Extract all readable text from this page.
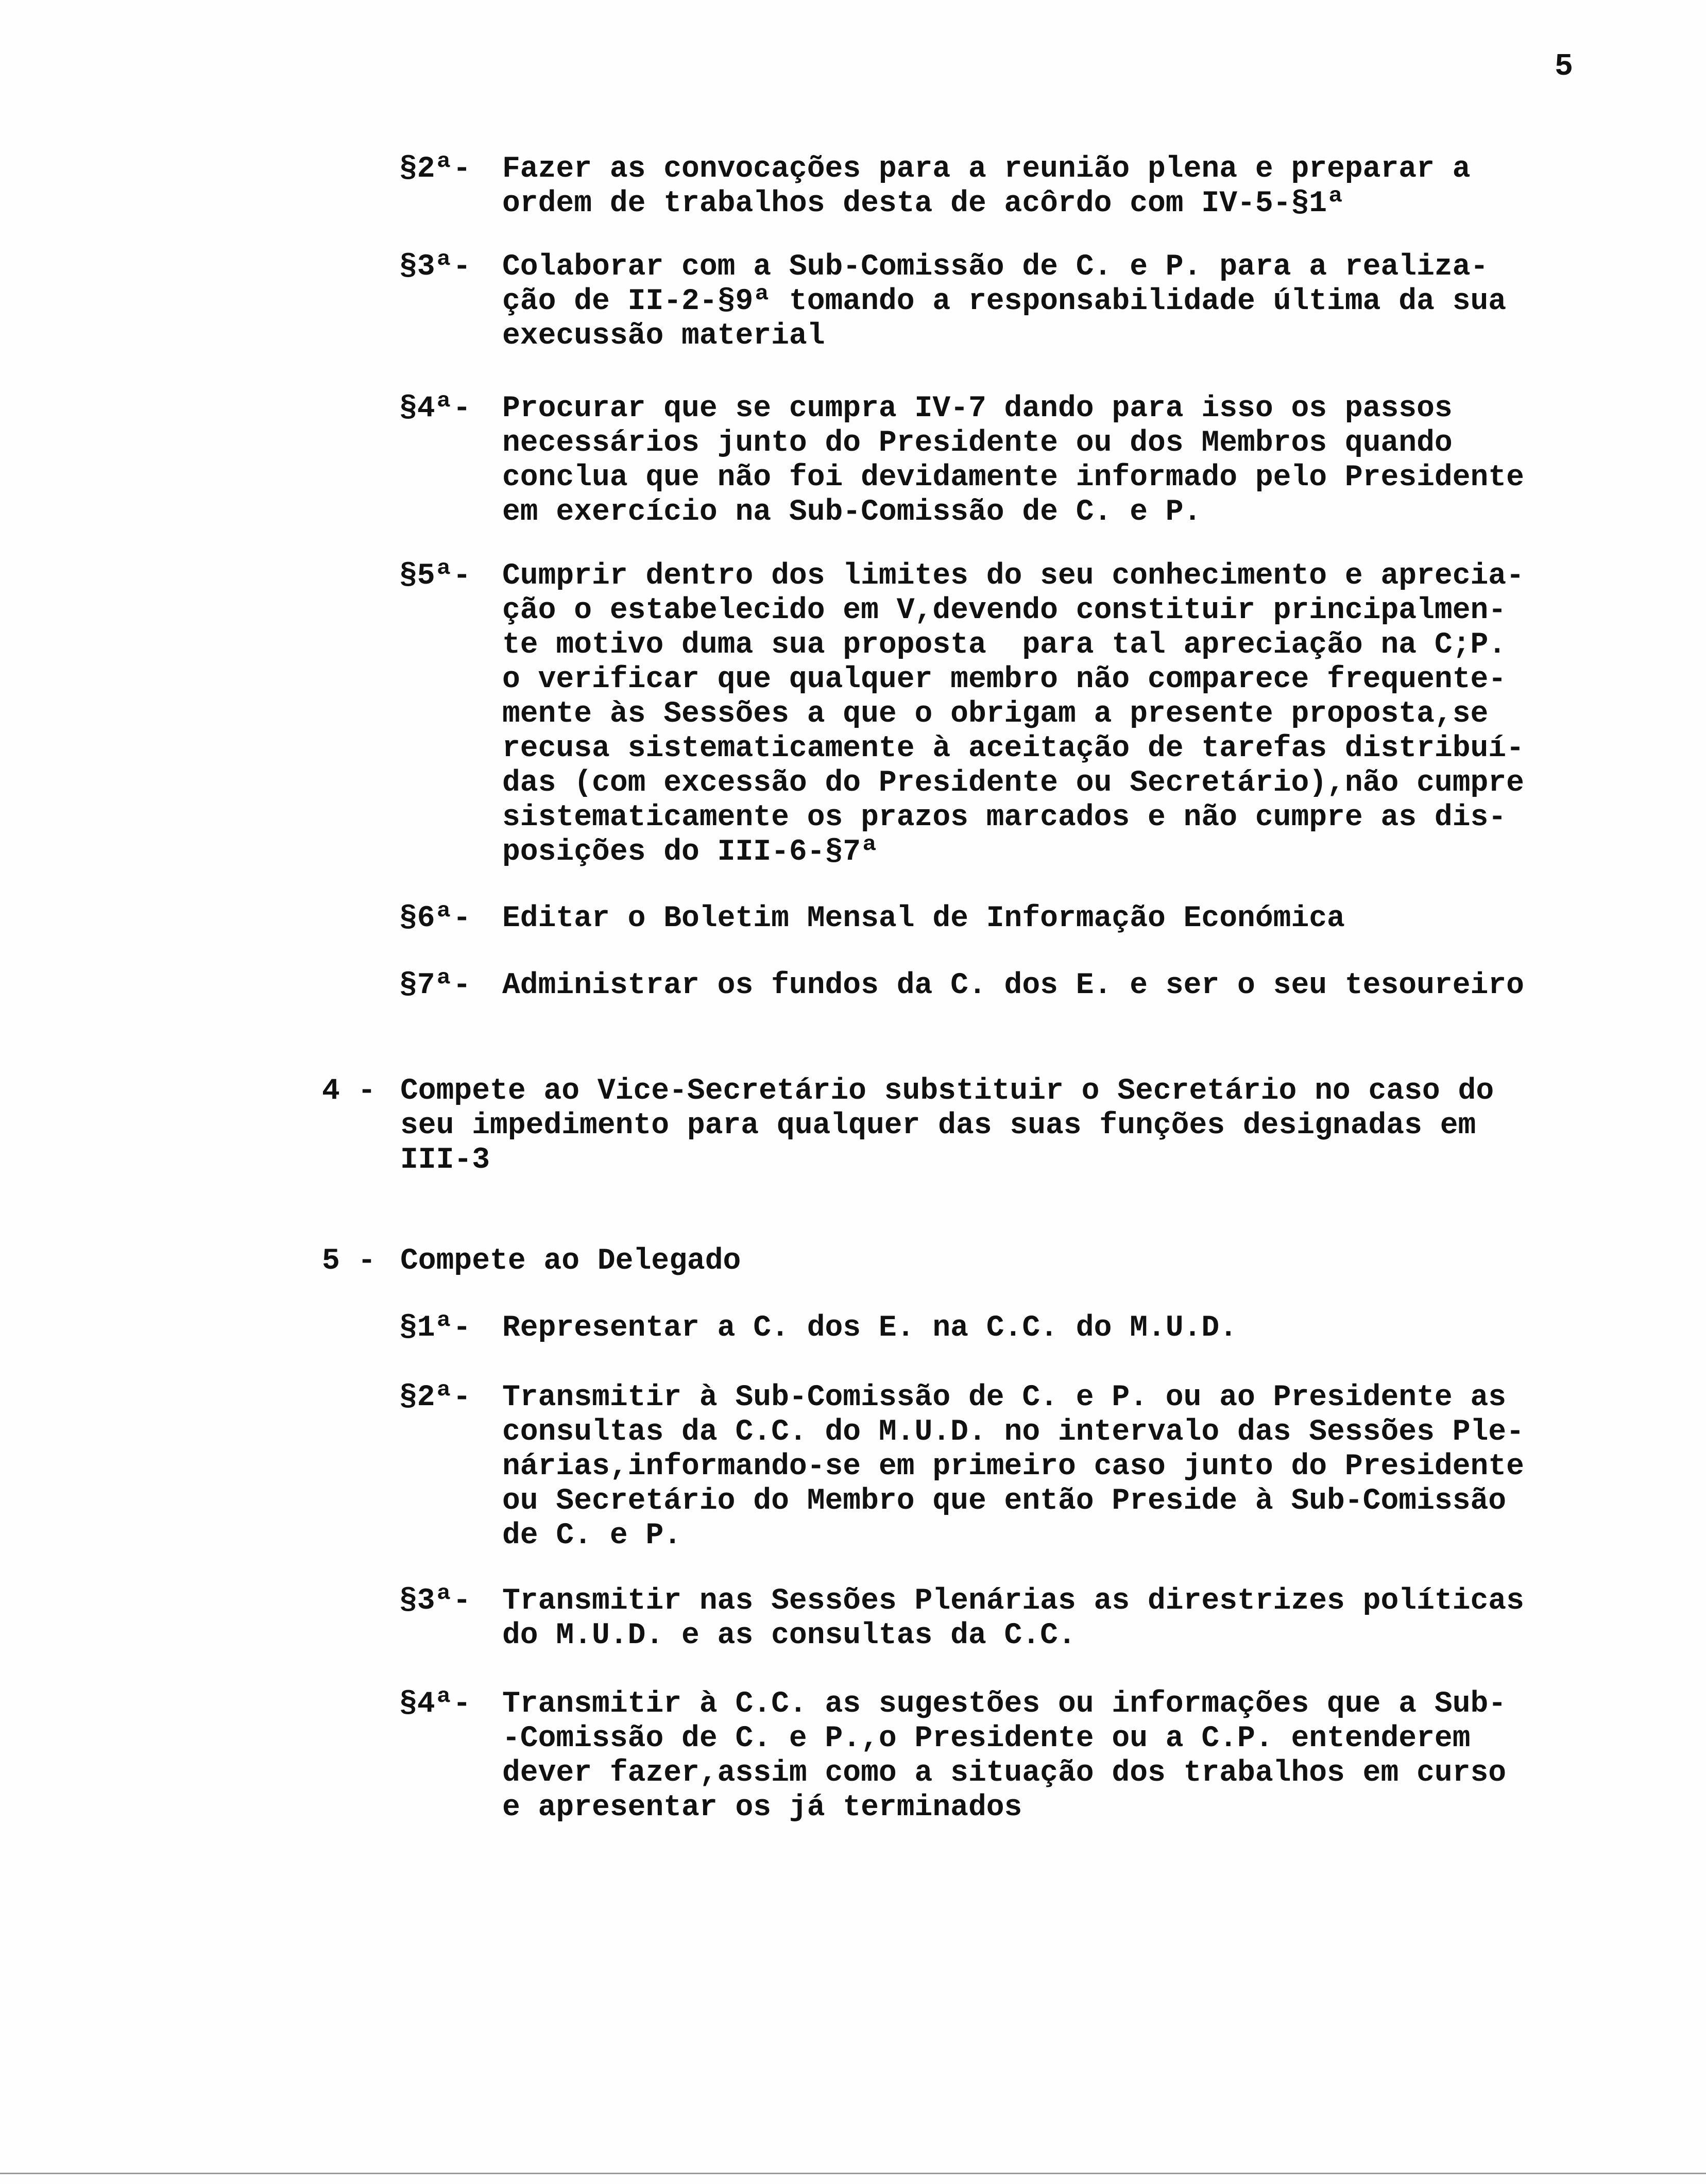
5

§2ª- Fazer as convocações para a reunião plena e preparar a
ordem de trabalhos desta de acôrdo com IV-5-§1ª
§3ª- Colaborar com a Sub-Comissão de C. e P. para a realiza-
ção de II-2-§9ª tomando a responsabilidade última da sua
execussão material
§4ª- Procurar que se cumpra IV-7 dando para isso os passos
necessários junto do Presidente ou dos Membros quando
conclua que não foi devidamente informado pelo Presidente
em exercício na Sub-Comissão de C. e P.
§5ª- Cumprir dentro dos limites do seu conhecimento e aprecia-
ção o estabelecido em V,devendo constituir principalmen-
te motivo duma sua proposta  para tal apreciação na C;P.
o verificar que qualquer membro não comparece frequente-
mente às Sessões a que o obrigam a presente proposta,se
recusa sistematicamente à aceitação de tarefas distribuí-
das (com excessão do Presidente ou Secretário),não cumpre
sistematicamente os prazos marcados e não cumpre as dis-
posições do III-6-§7ª
§6ª- Editar o Boletim Mensal de Informação Económica
§7ª- Administrar os fundos da C. dos E. e ser o seu tesoureiro
4 - Compete ao Vice-Secretário substituir o Secretário no caso do
seu impedimento para qualquer das suas funções designadas em
III-3
5 - Compete ao Delegado
§1ª- Representar a C. dos E. na C.C. do M.U.D.
§2ª- Transmitir à Sub-Comissão de C. e P. ou ao Presidente as
consultas da C.C. do M.U.D. no intervalo das Sessões Ple-
nárias,informando-se em primeiro caso junto do Presidente
ou Secretário do Membro que então Preside à Sub-Comissão
de C. e P.
§3ª- Transmitir nas Sessões Plenárias as direstrizes políticas
do M.U.D. e as consultas da C.C.
§4ª- Transmitir à C.C. as sugestões ou informações que a Sub-
-Comissão de C. e P.,o Presidente ou a C.P. entenderem
dever fazer,assim como a situação dos trabalhos em curso
e apresentar os já terminados
